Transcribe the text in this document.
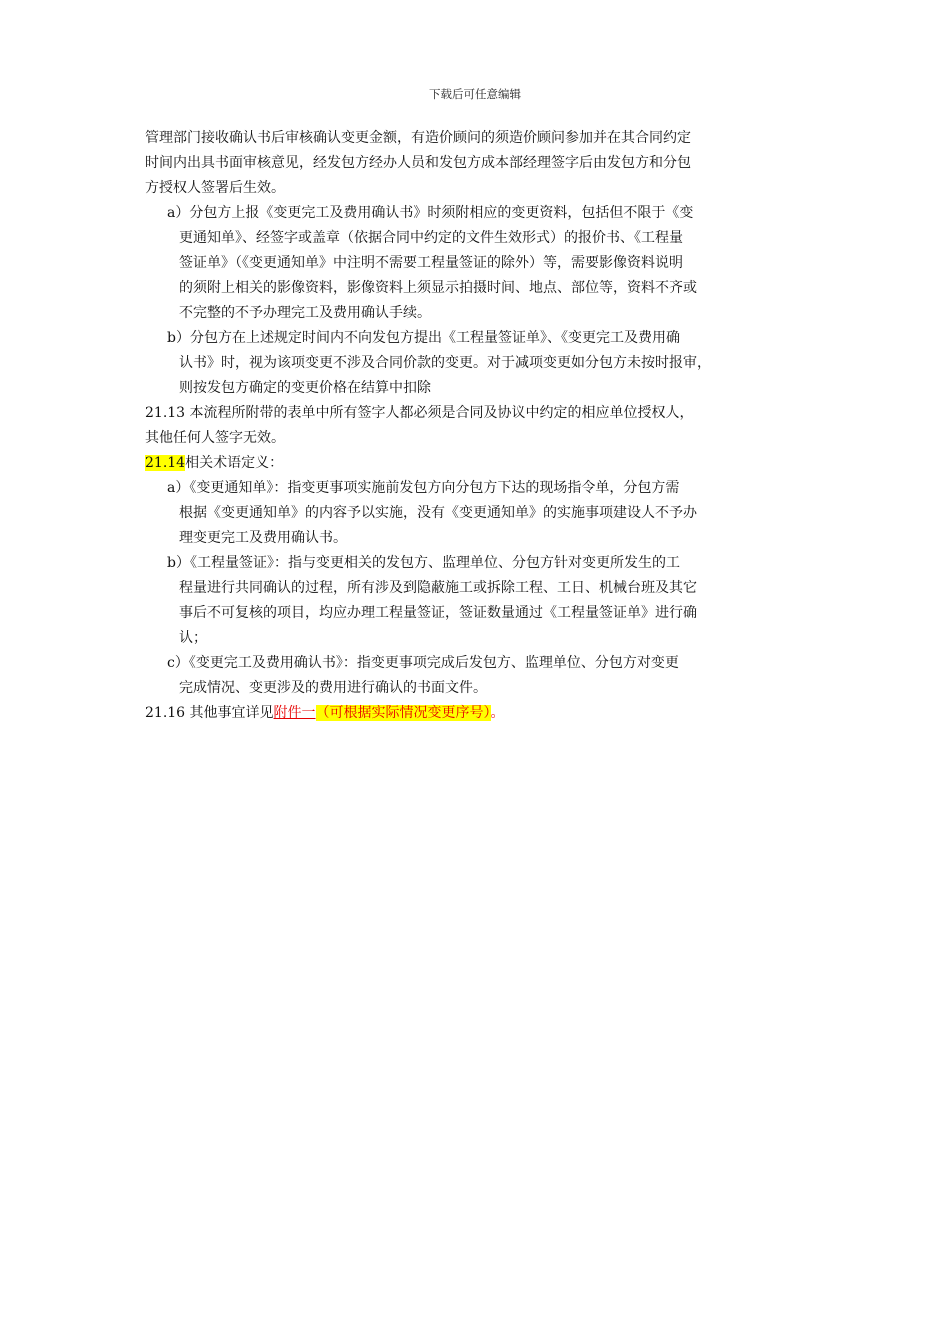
下载后可任意编辑
管理部门接收确认书后审核确认变更金额，有造价顾问的须造价顾问参加并在其合同约定
时间内出具书面审核意见，经发包方经办人员和发包方成本部经理签字后由发包方和分包
方授权人签署后生效。
a）分包方上报《变更完工及费用确认书》时须附相应的变更资料，包括但不限于《变
更通知单》、经签字或盖章（依据合同中约定的文件生效形式）的报价书、《工程量
签证单》（《变更通知单》中注明不需要工程量签证的除外）等，需要影像资料说明
的须附上相关的影像资料，影像资料上须显示拍摄时间、地点、部位等，资料不齐或
不完整的不予办理完工及费用确认手续。
b）分包方在上述规定时间内不向发包方提出《工程量签证单》、《变更完工及费用确
认书》时，视为该项变更不涉及合同价款的变更。对于减项变更如分包方未按时报审，
则按发包方确定的变更价格在结算中扣除
21.13 本流程所附带的表单中所有签字人都必须是合同及协议中约定的相应单位授权人，
其他任何人签字无效。
21.14相关术语定义：
a）《变更通知单》：指变更事项实施前发包方向分包方下达的现场指令单，分包方需
根据《变更通知单》的内容予以实施，没有《变更通知单》的实施事项建设人不予办
理变更完工及费用确认书。
b）《工程量签证》：指与变更相关的发包方、监理单位、分包方针对变更所发生的工
程量进行共同确认的过程，所有涉及到隐蔽施工或拆除工程、工日、机械台班及其它
事后不可复核的项目，均应办理工程量签证，签证数量通过《工程量签证单》进行确
认；
c）《变更完工及费用确认书》：指变更事项完成后发包方、监理单位、分包方对变更
完成情况、变更涉及的费用进行确认的书面文件。
21.16 其他事宜详见附件一（可根据实际情况变更序号）。
